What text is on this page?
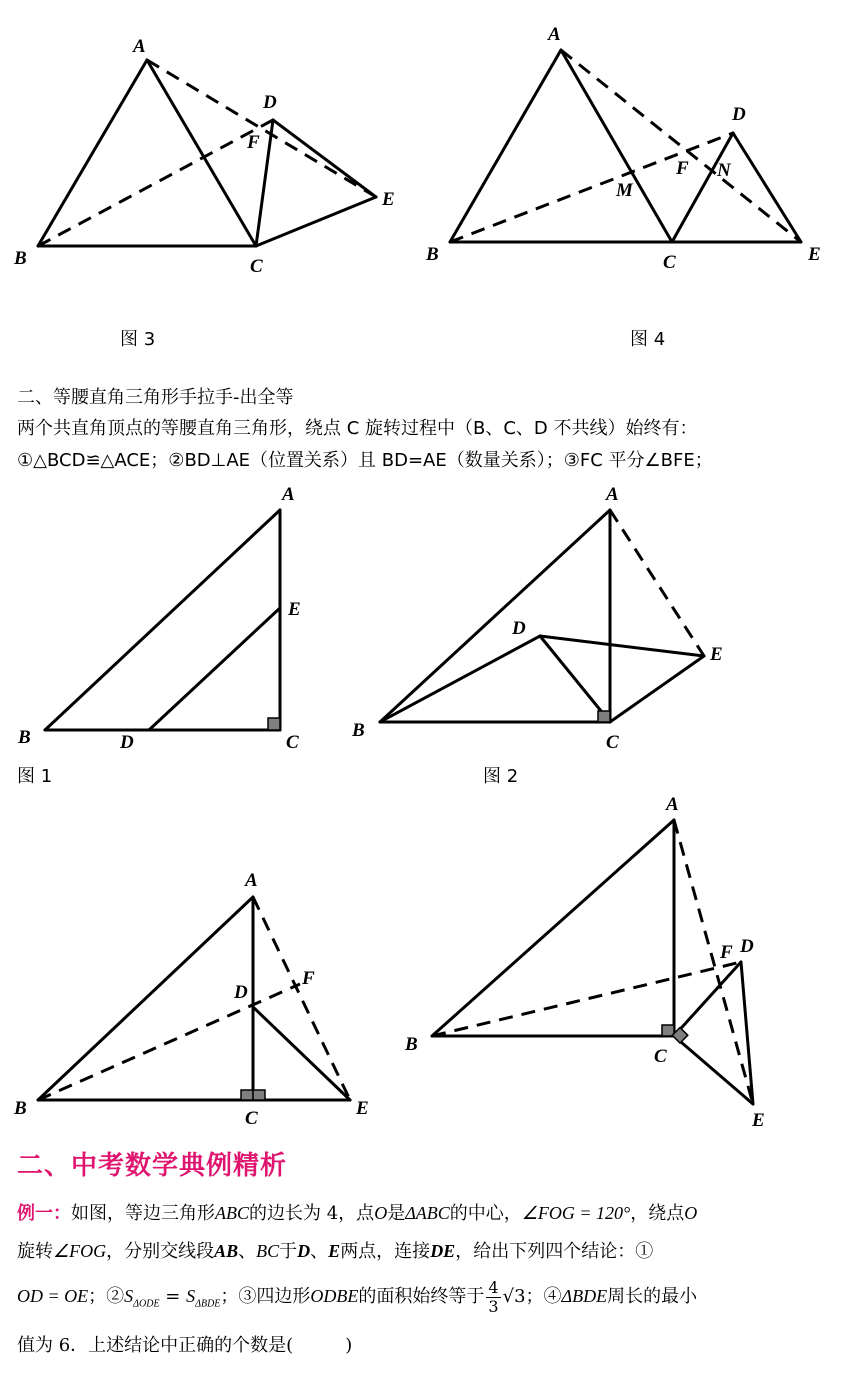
A
B	C
D
E
F
图 3
A
B	C
D
E
F
M
N
图 4
二、等腰直角三角形手拉手-出全等
两个共直角顶点的等腰直角三角形，绕点 C 旋转过程中（B、C、D 不共线）始终有：
①△BCD≌△ACE；②BD⊥AE（位置关系）且 BD=AE（数量关系）；③FC 平分∠BFE；
A
B	C
D
E
图 1
A
B
C
D
E
图 2
A
B	C
D
E
F
A
B
C
D
E
F
二、中考数学典例精析
例一：如图，等边三角形ABC的边长为 4，点O是ΔABC的中心，∠FOG = 120°，绕点O
旋转∠FOG，分别交线段AB、BC于D、E两点，连接DE，给出下列四个结论：①
OD = OE；$②S_{\Delta ODE} = S_{\Delta BDE}$；③四边形ODBE的面积始终等于 $\frac{4}{3} √3$；④ΔBDE周长的最小
值为 6．上述结论中正确的个数是(	)
